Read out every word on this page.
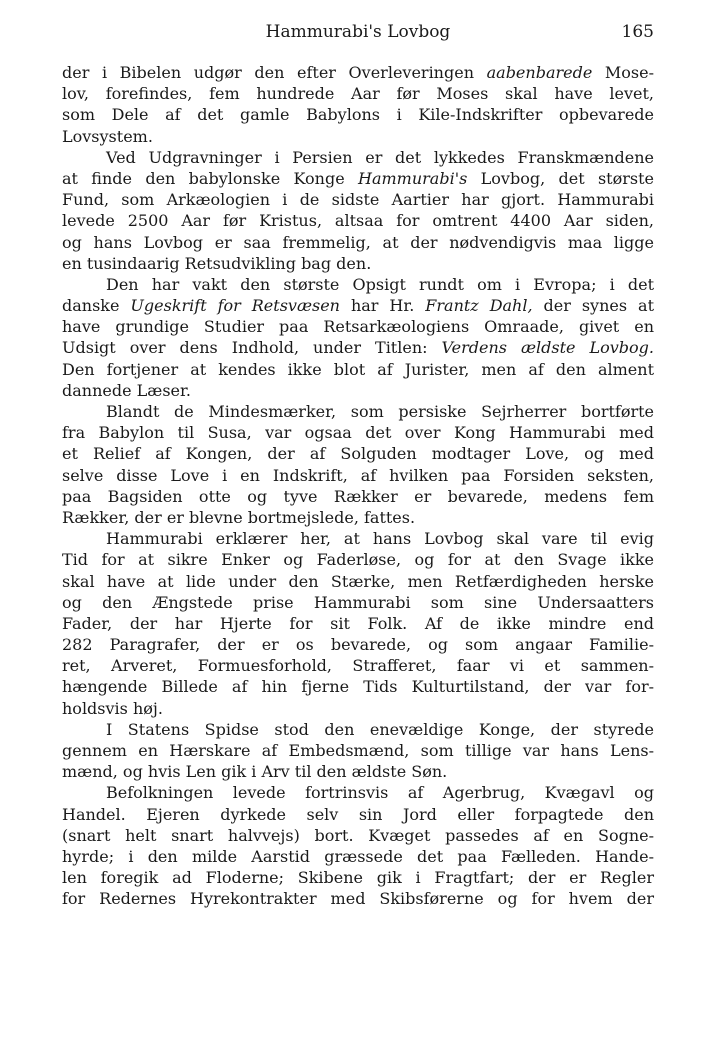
Hammurabi's Lovbog	165
der i Bibelen udgør den efter Overleveringen aabenbarede Mose-
lov, forefindes, fem hundrede Aar før Moses skal have levet,
som Dele af det gamle Babylons i Kile-Indskrifter opbevarede
Lovsystem.
Ved Udgravninger i Persien er det lykkedes Franskmændene
at finde den babylonske Konge Hammurabi's Lovbog, det største
Fund, som Arkæologien i de sidste Aartier har gjort. Hammurabi
levede 2500 Aar før Kristus, altsaa for omtrent 4400 Aar siden,
og hans Lovbog er saa fremmelig, at der nødvendigvis maa ligge
en tusindaarig Retsudvikling bag den.
Den har vakt den største Opsigt rundt om i Evropa; i det
danske Ugeskrift for Retsvæsen har Hr. Frantz Dahl, der synes at
have grundige Studier paa Retsarkæologiens Omraade, givet en
Udsigt over dens Indhold, under Titlen: Verdens ældste Lovbog.
Den fortjener at kendes ikke blot af Jurister, men af den alment
dannede Læser.
Blandt de Mindesmærker, som persiske Sejrherrer bortførte
fra Babylon til Susa, var ogsaa det over Kong Hammurabi med
et Relief af Kongen, der af Solguden modtager Love, og med
selve disse Love i en Indskrift, af hvilken paa Forsiden seksten,
paa Bagsiden otte og tyve Rækker er bevarede, medens fem
Rækker, der er blevne bortmejslede, fattes.
Hammurabi erklærer her, at hans Lovbog skal vare til evig
Tid for at sikre Enker og Faderløse, og for at den Svage ikke
skal have at lide under den Stærke, men Retfærdigheden herske
og den Ængstede prise Hammurabi som sine Undersaatters
Fader, der har Hjerte for sit Folk. Af de ikke mindre end
282 Paragrafer, der er os bevarede, og som angaar Familie-
ret, Arveret, Formuesforhold, Strafferet, faar vi et sammen-
hængende Billede af hin fjerne Tids Kulturtilstand, der var for-
holdsvis høj.
I Statens Spidse stod den enevældige Konge, der styrede
gennem en Hærskare af Embedsmænd, som tillige var hans Lens-
mænd, og hvis Len gik i Arv til den ældste Søn.
Befolkningen levede fortrinsvis af Agerbrug, Kvægavl og
Handel. Ejeren dyrkede selv sin Jord eller forpagtede den
(snart helt snart halvvejs) bort. Kvæget passedes af en Sogne-
hyrde; i den milde Aarstid græssede det paa Fælleden. Hande-
len foregik ad Floderne; Skibene gik i Fragtfart; der er Regler
for Redernes Hyrekontrakter med Skibsførerne og for hvem der
